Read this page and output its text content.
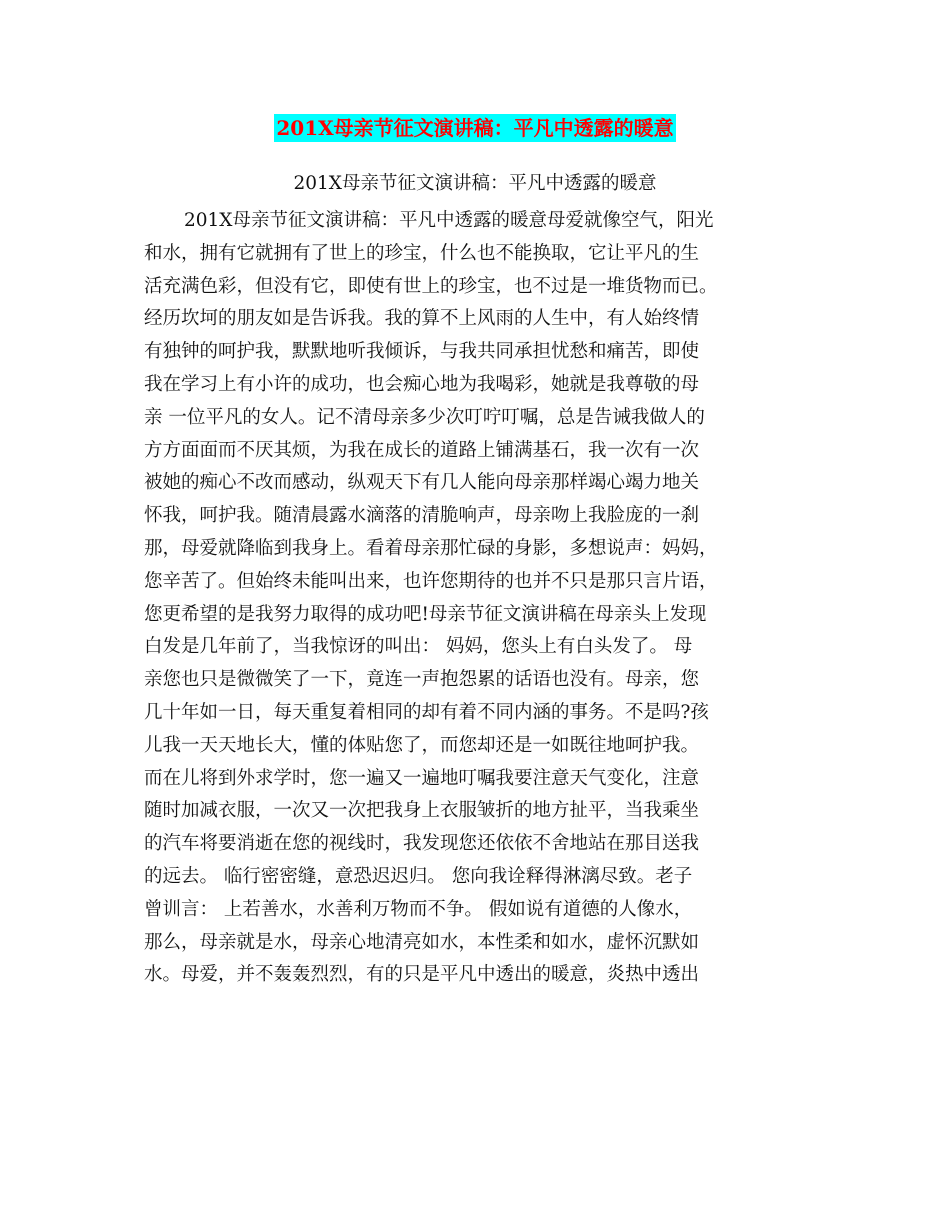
201X母亲节征文演讲稿：平凡中透露的暖意
201X母亲节征文演讲稿：平凡中透露的暖意
201X母亲节征文演讲稿：平凡中透露的暖意母爱就像空气，阳光
和水，拥有它就拥有了世上的珍宝，什么也不能换取，它让平凡的生
活充满色彩，但没有它，即使有世上的珍宝，也不过是一堆货物而已。
经历坎坷的朋友如是告诉我。我的算不上风雨的人生中，有人始终情
有独钟的呵护我，默默地听我倾诉，与我共同承担忧愁和痛苦，即使
我在学习上有小许的成功，也会痴心地为我喝彩，她就是我尊敬的母
亲 一位平凡的女人。记不清母亲多少次叮咛叮嘱，总是告诫我做人的
方方面面而不厌其烦，为我在成长的道路上铺满基石，我一次有一次
被她的痴心不改而感动，纵观天下有几人能向母亲那样竭心竭力地关
怀我，呵护我。随清晨露水滴落的清脆响声，母亲吻上我脸庞的一刹
那，母爱就降临到我身上。看着母亲那忙碌的身影，多想说声：妈妈，
您辛苦了。但始终未能叫出来，也许您期待的也并不只是那只言片语，
您更希望的是我努力取得的成功吧!母亲节征文演讲稿在母亲头上发现
白发是几年前了，当我惊讶的叫出： 妈妈，您头上有白头发了。 母
亲您也只是微微笑了一下，竟连一声抱怨累的话语也没有。母亲，您
几十年如一日，每天重复着相同的却有着不同内涵的事务。不是吗?孩
儿我一天天地长大，懂的体贴您了，而您却还是一如既往地呵护我。
而在儿将到外求学时，您一遍又一遍地叮嘱我要注意天气变化，注意
随时加减衣服，一次又一次把我身上衣服皱折的地方扯平，当我乘坐
的汽车将要消逝在您的视线时，我发现您还依依不舍地站在那目送我
的远去。 临行密密缝，意恐迟迟归。 您向我诠释得淋漓尽致。老子
曾训言： 上若善水，水善利万物而不争。 假如说有道德的人像水，
那么，母亲就是水，母亲心地清亮如水，本性柔和如水，虚怀沉默如
水。母爱，并不轰轰烈烈，有的只是平凡中透出的暖意，炎热中透出
